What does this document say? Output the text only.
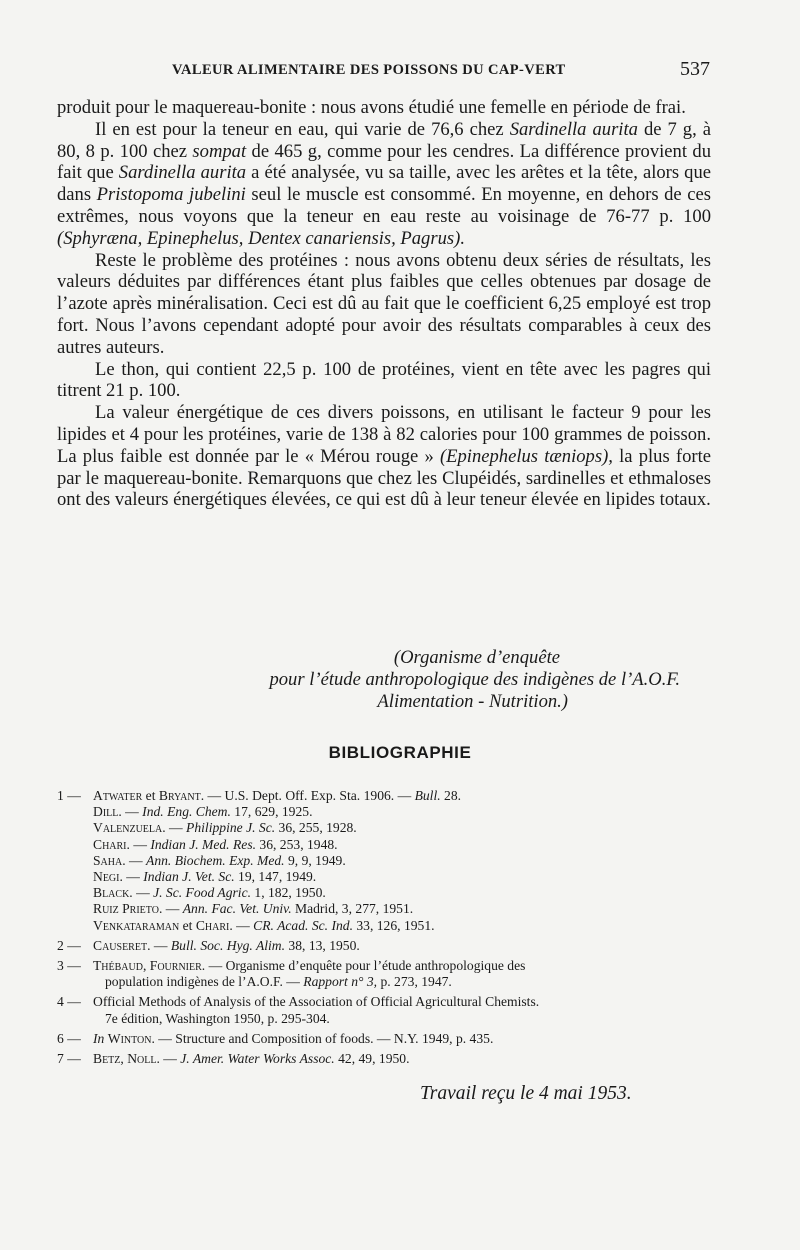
VALEUR ALIMENTAIRE DES POISSONS DU CAP-VERT	537

produit pour le maquereau-bonite : nous avons étudié une femelle en période de frai.

Il en est pour la teneur en eau, qui varie de 76,6 chez Sardinella aurita de 7 g, à 80, 8 p. 100 chez sompat de 465 g, comme pour les cendres. La différence provient du fait que Sardinella aurita a été analysée, vu sa taille, avec les arêtes et la tête, alors que dans Pristopoma jubelini seul le muscle est consommé. En moyenne, en dehors de ces extrêmes, nous voyons que la teneur en eau reste au voisinage de 76-77 p. 100 (Sphyræna, Epinephelus, Dentex canariensis, Pagrus).

Reste le problème des protéines : nous avons obtenu deux séries de résultats, les valeurs déduites par différences étant plus faibles que celles obtenues par dosage de l’azote après minéralisation. Ceci est dû au fait que le coefficient 6,25 employé est trop fort. Nous l’avons cependant adopté pour avoir des résultats comparables à ceux des autres auteurs.

Le thon, qui contient 22,5 p. 100 de protéines, vient en tête avec les pagres qui titrent 21 p. 100.

La valeur énergétique de ces divers poissons, en utilisant le facteur 9 pour les lipides et 4 pour les protéines, varie de 138 à 82 calories pour 100 grammes de poisson. La plus faible est donnée par le « Mérou rouge » (Epinephelus tæniops), la plus forte par le maquereau-bonite. Remarquons que chez les Clupéidés, sardinelles et ethmaloses ont des valeurs énergétiques élevées, ce qui est dû à leur teneur élevée en lipides totaux.

(Organisme d’enquête
pour l’étude anthropologique des indigènes de l’A.O.F.
Alimentation - Nutrition.)
BIBLIOGRAPHIE
1 — Atwater et Bryant. — U.S. Dept. Off. Exp. Sta. 1906. — Bull. 28.
Dill. — Ind. Eng. Chem. 17, 629, 1925.
Valenzuela. — Philippine J. Sc. 36, 255, 1928.
Chari. — Indian J. Med. Res. 36, 253, 1948.
Saha. — Ann. Biochem. Exp. Med. 9, 9, 1949.
Negi. — Indian J. Vet. Sc. 19, 147, 1949.
Black. — J. Sc. Food Agric. 1, 182, 1950.
Ruiz Prieto. — Ann. Fac. Vet. Univ. Madrid, 3, 277, 1951.
Venkataraman et Chari. — CR. Acad. Sc. Ind. 33, 126, 1951.
2 — Causeret. — Bull. Soc. Hyg. Alim. 38, 13, 1950.
3 — Thébaud, Fournier. — Organisme d’enquête pour l’étude anthropologique des
population indigènes de l’A.O.F. — Rapport n° 3, p. 273, 1947.
4 — Official Methods of Analysis of the Association of Official Agricultural Chemists.
7e édition, Washington 1950, p. 295-304.
6 — In Winton. — Structure and Composition of foods. — N.Y. 1949, p. 435.
7 — Betz, Noll. — J. Amer. Water Works Assoc. 42, 49, 1950.
Travail reçu le 4 mai 1953.
